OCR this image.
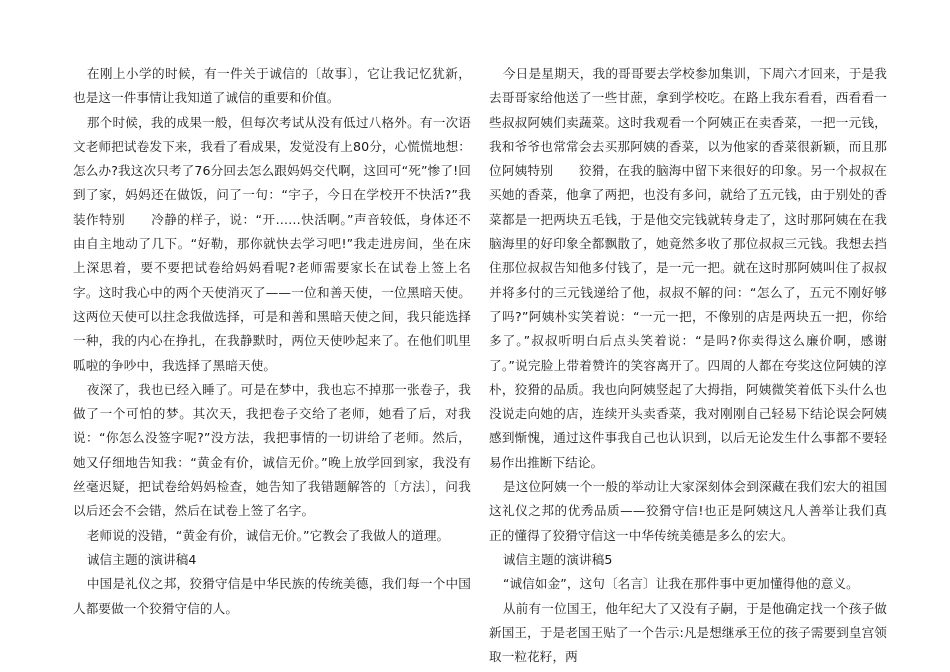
在刚上小学的时候，有一件关于诚信的〔故事〕，它让我记忆犹新，也是这一件事情让我知道了诚信的重要和价值。

那个时候，我的成果一般，但每次考试从没有低过八格外。有一次语文老师把试卷发下来，我看了看成果，发觉没有上80分，心慌慌地想：怎么办?我这次只考了76分回去怎么跟妈妈交代啊，这回可“死”惨了!回到了家，妈妈还在做饭，问了一句：“宇子，今日在学校开不快活?”我装作特别　　冷静的样子，说：“开……快活啊。”声音较低，身体还不由自主地动了几下。“好勒，那你就快去学习吧!”我走进房间，坐在床上深思着，要不要把试卷给妈妈看呢?老师需要家长在试卷上签上名字。这时我心中的两个天使消灭了——一位和善天使，一位黑暗天使。这两位天使可以拄念我做选择，可是和善和黑暗天使之间，我只能选择一种，我的内心在挣扎，在我静默时，两位天使吵起来了。在他们叽里呱啦的争吵中，我选择了黑暗天使。

夜深了，我也已经入睡了。可是在梦中，我也忘不掉那一张卷子，我做了一个可怕的梦。其次天，我把卷子交给了老师，她看了后，对我说：“你怎么没签字呢?”没方法，我把事情的一切讲给了老师。然后，她又仔细地告知我：“黄金有价，诚信无价。”晚上放学回到家，我没有丝毫迟疑，把试卷给妈妈检查，她告知了我错题解答的〔方法〕，问我以后还会不会错，然后在试卷上签了名字。

老师说的没错，“黄金有价，诚信无价。”它教会了我做人的道理。

诚信主题的演讲稿4

中国是礼仪之邦，狡猾守信是中华民族的传统美德，我们每一个中国人都要做一个狡猾守信的人。

今日是星期天，我的哥哥要去学校参加集训，下周六才回来，于是我去哥哥家给他送了一些甘蔗，拿到学校吃。在路上我东看看，西看看一些叔叔阿姨们卖蔬菜。这时我观看一个阿姨正在卖香菜，一把一元钱，我和爷爷也常常会去买那阿姨的香菜，以为他家的香菜很新颖，而且那位阿姨特别　　狡猾，在我的脑海中留下来很好的印象。另一个叔叔在买她的香菜，他拿了两把，也没有多问，就给了五元钱，由于别处的香菜都是一把两块五毛钱，于是他交完钱就转身走了，这时那阿姨在在我脑海里的好印象全都飘散了，她竟然多收了那位叔叔三元钱。我想去挡住那位叔叔告知他多付钱了，是一元一把。就在这时那阿姨叫住了叔叔并将多付的三元钱递给了他，叔叔不解的问：“怎么了，五元不刚好够了吗?”阿姨朴实笑着说：“一元一把，不像别的店是两块五一把，你给多了。”叔叔听明白后点头笑着说：“是吗?你卖得这么廉价啊，感谢了。”说完脸上带着赞许的笑容离开了。四周的人都在夸奖这位阿姨的淳朴，狡猾的品质。我也向阿姨竖起了大拇指，阿姨微笑着低下头什么也没说走向她的店，连续开头卖香菜，我对刚刚自己轻易下结论误会阿姨感到惭愧，通过这件事我自己也认识到，以后无论发生什么事都不要轻易作出推断下结论。

是这位阿姨一个一般的举动让大家深刻体会到深藏在我们宏大的祖国这礼仪之邦的优秀品质——狡猾守信!也正是阿姨这凡人善举让我们真正的懂得了狡猾守信这一中华传统美德是多么的宏大。

诚信主题的演讲稿5

“诚信如金”，这句〔名言〕让我在那件事中更加懂得他的意义。

从前有一位国王，他年纪大了又没有子嗣，于是他确定找一个孩子做新国王，于是老国王贴了一个告示:凡是想继承王位的孩子需要到皇宫领取一粒花籽，两
